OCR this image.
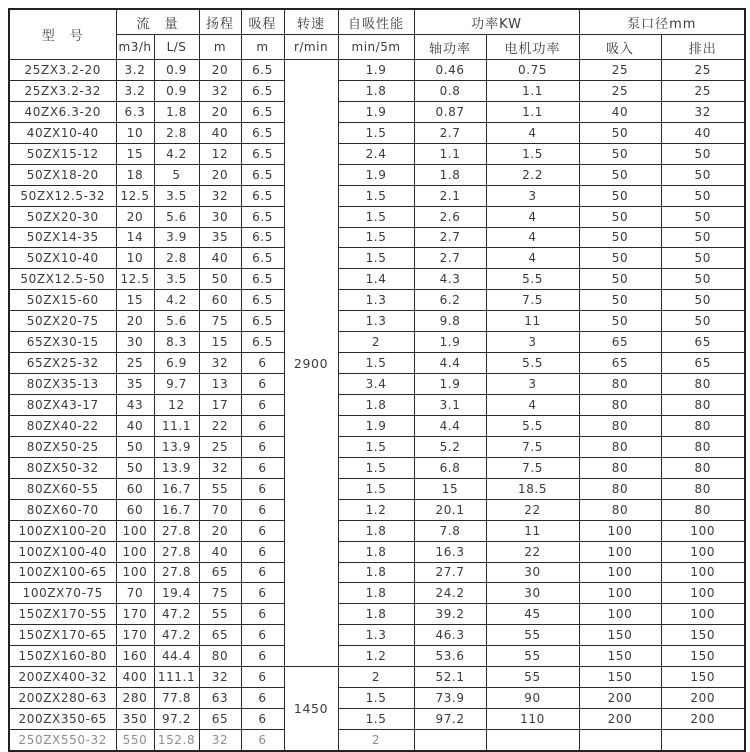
型　号	流　量		扬程	吸程	转速	自吸性能	功率KW		泵口径mm	
	m3/h	L/S	m	m	r/min	min/5m	轴功率	电机功率	吸入	排出
25ZX3.2-20	3.2	0.9	20	6.5	2900	1.9	0.46	0.75	25	25
25ZX3.2-32	3.2	0.9	32	6.5		1.8	0.8	1.1	25	25
40ZX6.3-20	6.3	1.8	20	6.5		1.9	0.87	1.1	40	32
40ZX10-40	10	2.8	40	6.5		1.5	2.7	4	50	40
50ZX15-12	15	4.2	12	6.5		2.4	1.1	1.5	50	50
50ZX18-20	18	5	20	6.5		1.9	1.8	2.2	50	50
50ZX12.5-32	12.5	3.5	32	6.5		1.5	2.1	3	50	50
50ZX20-30	20	5.6	30	6.5		1.5	2.6	4	50	50
50ZX14-35	14	3.9	35	6.5		1.5	2.7	4	50	50
50ZX10-40	10	2.8	40	6.5		1.5	2.7	4	50	50
50ZX12.5-50	12.5	3.5	50	6.5		1.4	4.3	5.5	50	50
50ZX15-60	15	4.2	60	6.5		1.3	6.2	7.5	50	50
50ZX20-75	20	5.6	75	6.5		1.3	9.8	11	50	50
65ZX30-15	30	8.3	15	6.5		2	1.9	3	65	65
65ZX25-32	25	6.9	32	6		1.5	4.4	5.5	65	65
80ZX35-13	35	9.7	13	6		3.4	1.9	3	80	80
80ZX43-17	43	12	17	6		1.8	3.1	4	80	80
80ZX40-22	40	11.1	22	6		1.9	4.4	5.5	80	80
80ZX50-25	50	13.9	25	6		1.5	5.2	7.5	80	80
80ZX50-32	50	13.9	32	6		1.5	6.8	7.5	80	80
80ZX60-55	60	16.7	55	6		1.5	15	18.5	80	80
80ZX60-70	60	16.7	70	6		1.2	20.1	22	80	80
100ZX100-20	100	27.8	20	6		1.8	7.8	11	100	100
100ZX100-40	100	27.8	40	6		1.8	16.3	22	100	100
100ZX100-65	100	27.8	65	6		1.8	27.7	30	100	100
100ZX70-75	70	19.4	75	6		1.8	24.2	30	100	100
150ZX170-55	170	47.2	55	6		1.8	39.2	45	100	100
150ZX170-65	170	47.2	65	6		1.3	46.3	55	150	150
150ZX160-80	160	44.4	80	6		1.2	53.6	55	150	150
200ZX400-32	400	111.1	32	6	1450	2	52.1	55	150	150
200ZX280-63	280	77.8	63	6		1.5	73.9	90	200	200
200ZX350-65	350	97.2	65	6		1.5	97.2	110	200	200
250ZX550-32	550	152.8	32	6		2				
